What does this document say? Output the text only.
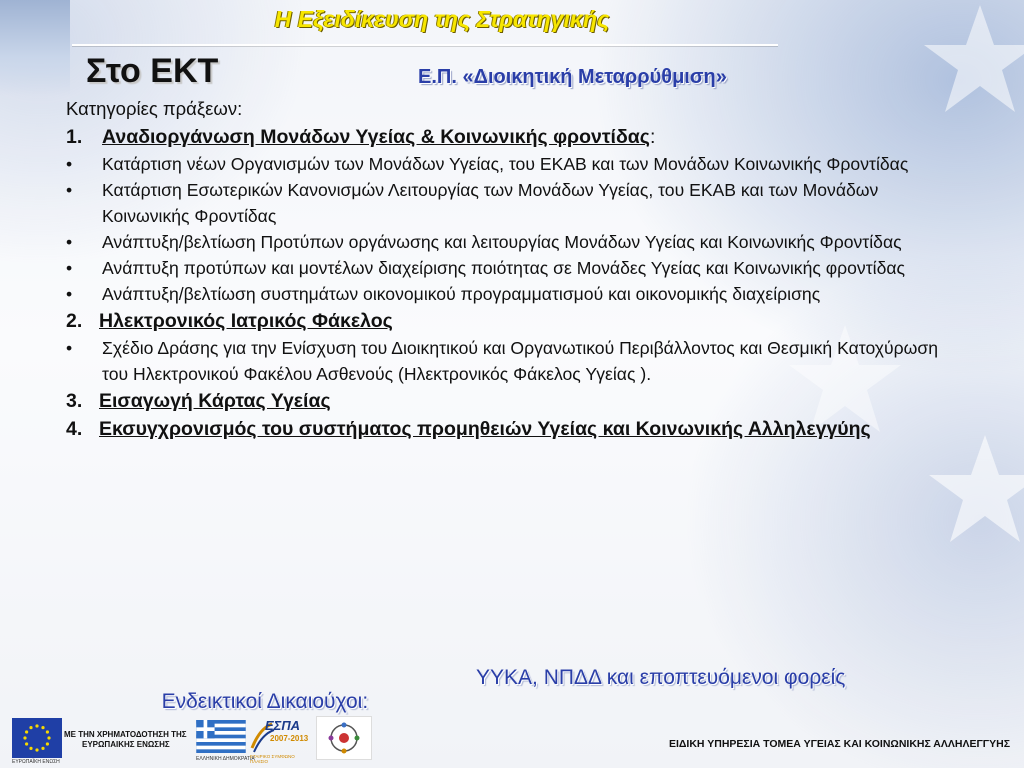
Η Εξειδίκευση της Στρατηγικής
Στο ΕΚΤ	Ε.Π. «Διοικητική Μεταρρύθμιση»
Κατηγορίες πράξεων:
1. Αναδιοργάνωση Μονάδων Υγείας & Κοινωνικής φροντίδας:
• Κατάρτιση νέων Οργανισμών των Μονάδων Υγείας, του ΕΚΑΒ και των Μονάδων Κοινωνικής Φροντίδας
• Κατάρτιση Εσωτερικών Κανονισμών Λειτουργίας των Μονάδων Υγείας, του ΕΚΑΒ και των Μονάδων Κοινωνικής Φροντίδας
• Ανάπτυξη/βελτίωση Προτύπων οργάνωσης και λειτουργίας Μονάδων Υγείας και Κοινωνικής Φροντίδας
• Ανάπτυξη προτύπων και μοντέλων διαχείρισης ποιότητας σε Μονάδες Υγείας και Κοινωνικής φροντίδας
• Ανάπτυξη/βελτίωση συστημάτων οικονομικού προγραμματισμού και οικονομικής διαχείρισης
2. Ηλεκτρονικός Ιατρικός Φάκελος
• Σχέδιο Δράσης για την Ενίσχυση του Διοικητικού και Οργανωτικού Περιβάλλοντος και Θεσμική Κατοχύρωση του Ηλεκτρονικού Φακέλου Ασθενούς (Ηλεκτρονικός Φάκελος Υγείας ).
3. Εισαγωγή Κάρτας Υγείας
4. Εκσυγχρονισμός του συστήματος προμηθειών Υγείας και Κοινωνικής Αλληλεγγύης

Ενδεικτικοί Δικαιούχοι:

ΥΥΚΑ, ΝΠΔΔ και εποπτευόμενοι φορείς

ΕΥΡΩΠΑΪΚΗ ΕΝΩΣΗ
ΜΕ ΤΗΝ ΧΡΗΜΑΤΟΔΟΤΗΣΗ ΤΗΣ
ΕΥΡΩΠΑΙΚΗΣ ΕΝΩΣΗΣ
ΕΛΛΗΝΙΚΗ ΔΗΜΟΚΡΑΤΙΑ
ΕΣΠΑ
2007-2013
ΕΤΑΙΡΙΚΟ ΣΥΜΦΩΝΟ ΠΛΑΙΣΙΟ
ΕΙΔΙΚΗ ΥΠΗΡΕΣΙΑ ΤΟΜΕΑ ΥΓΕΙΑΣ ΚΑΙ ΚΟΙΝΩΝΙΚΗΣ ΑΛΛΗΛΕΓΓΥΗΣ
